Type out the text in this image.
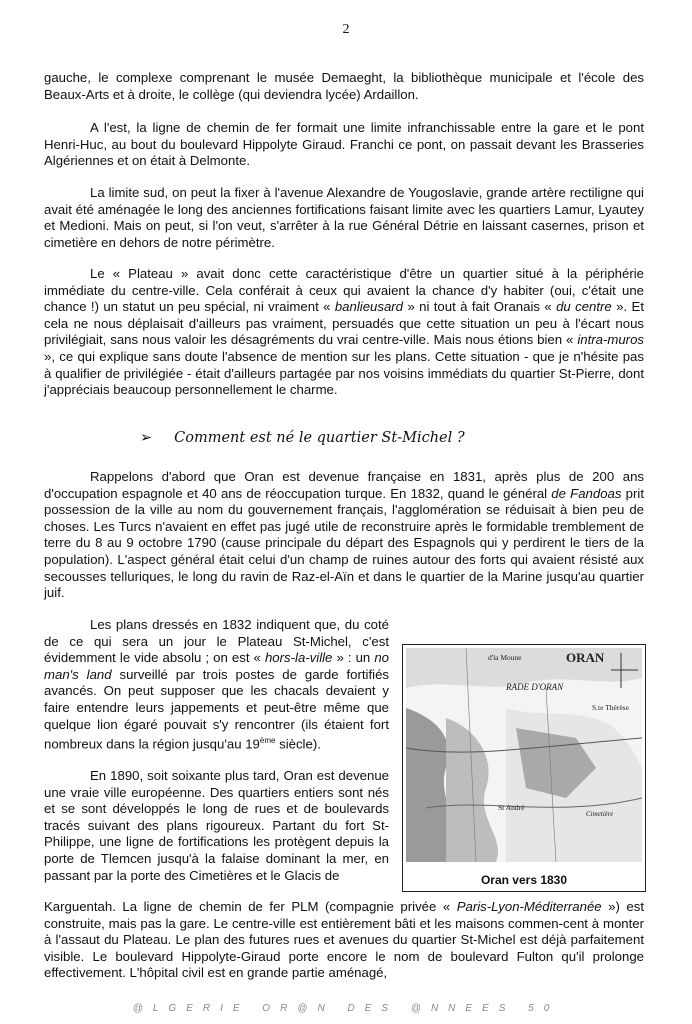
2

gauche, le complexe comprenant le musée Demaeght, la bibliothèque municipale et l'école des Beaux-Arts et à droite, le collège (qui deviendra lycée) Ardaillon.

A l'est, la ligne de chemin de fer formait une limite infranchissable entre la gare et le pont Henri-Huc, au bout du boulevard Hippolyte Giraud. Franchi ce pont, on passait devant les Brasseries Algériennes et on était à Delmonte.

La limite sud, on peut la fixer à l'avenue Alexandre de Yougoslavie, grande artère rectiligne qui avait été aménagée le long des anciennes fortifications faisant limite avec les quartiers Lamur, Lyautey et Medioni. Mais on peut, si l'on veut, s'arrêter à la rue Général Détrie en laissant casernes, prison et cimetière en dehors de notre périmètre.

Le « Plateau » avait donc cette caractéristique d'être un quartier situé à la périphérie immédiate du centre-ville. Cela conférait à ceux qui avaient la chance d'y habiter (oui, c'était une chance !) un statut un peu spécial, ni vraiment « banlieusard » ni tout à fait Oranais « du centre ». Et cela ne nous déplaisait d'ailleurs pas vraiment, persuadés que cette situation un peu à l'écart nous privilégiait, sans nous valoir les désagréments du vrai centre-ville. Mais nous étions bien « intra-muros », ce qui explique sans doute l'absence de mention sur les plans. Cette situation - que je n'hésite pas à qualifier de privilégiée - était d'ailleurs partagée par nos voisins immédiats du quartier St-Pierre, dont j'appréciais beaucoup personnellement le charme.

➢ Comment est né le quartier St-Michel ?

Rappelons d'abord que Oran est devenue française en 1831, après plus de 200 ans d'occupation espagnole et 40 ans de réoccupation turque. En 1832, quand le général de Fandoas prit possession de la ville au nom du gouvernement français, l'agglomération se réduisait à bien peu de choses. Les Turcs n'avaient en effet pas jugé utile de reconstruire après le formidable tremblement de terre du 8 au 9 octobre 1790 (cause principale du départ des Espagnols qui y perdirent le tiers de la population). L'aspect général était celui d'un champ de ruines autour des forts qui avaient résisté aux secousses telluriques, le long du ravin de Raz-el-Aïn et dans le quartier de la Marine jusqu'au quartier juif.

Les plans dressés en 1832 indiquent que, du coté de ce qui sera un jour le Plateau St-Michel, c'est évidemment le vide absolu ; on est « hors-la-ville » : un no man's land surveillé par trois postes de garde fortifiés avancés. On peut supposer que les chacals devaient y faire entendre leurs jappements et peut-être même que quelque lion égaré pouvait s'y rencontrer (ils étaient fort nombreux dans la région jusqu'au 19ème siècle).

En 1890, soit soixante plus tard, Oran est devenue une vraie ville européenne. Des quartiers entiers sont nés et se sont développés le long de rues et de boulevards tracés suivant des plans rigoureux. Partant du fort St-Philippe, une ligne de fortifications les protègent depuis la porte de Tlemcen jusqu'à la falaise dominant la mer, en passant par la porte des Cimetières et le Glacis de

Karguentah. La ligne de chemin de fer PLM (compagnie privée « Paris-Lyon-Méditerranée ») est construite, mais pas la gare. Le centre-ville est entièrement bâti et les maisons commen-cent à monter à l'assaut du Plateau. Le plan des futures rues et avenues du quartier St-Michel est déjà parfaitement visible. Le boulevard Hippolyte-Giraud porte encore le nom de boulevard Fulton qu'il prolonge effectivement. L'hôpital civil est en grande partie aménagé,

ORAN
RADE D'ORAN
d'la Moune
S.te Thérèse
St André
Cimetière
Oran vers 1830
@LGERIE OR@N DES @NNEES 50
